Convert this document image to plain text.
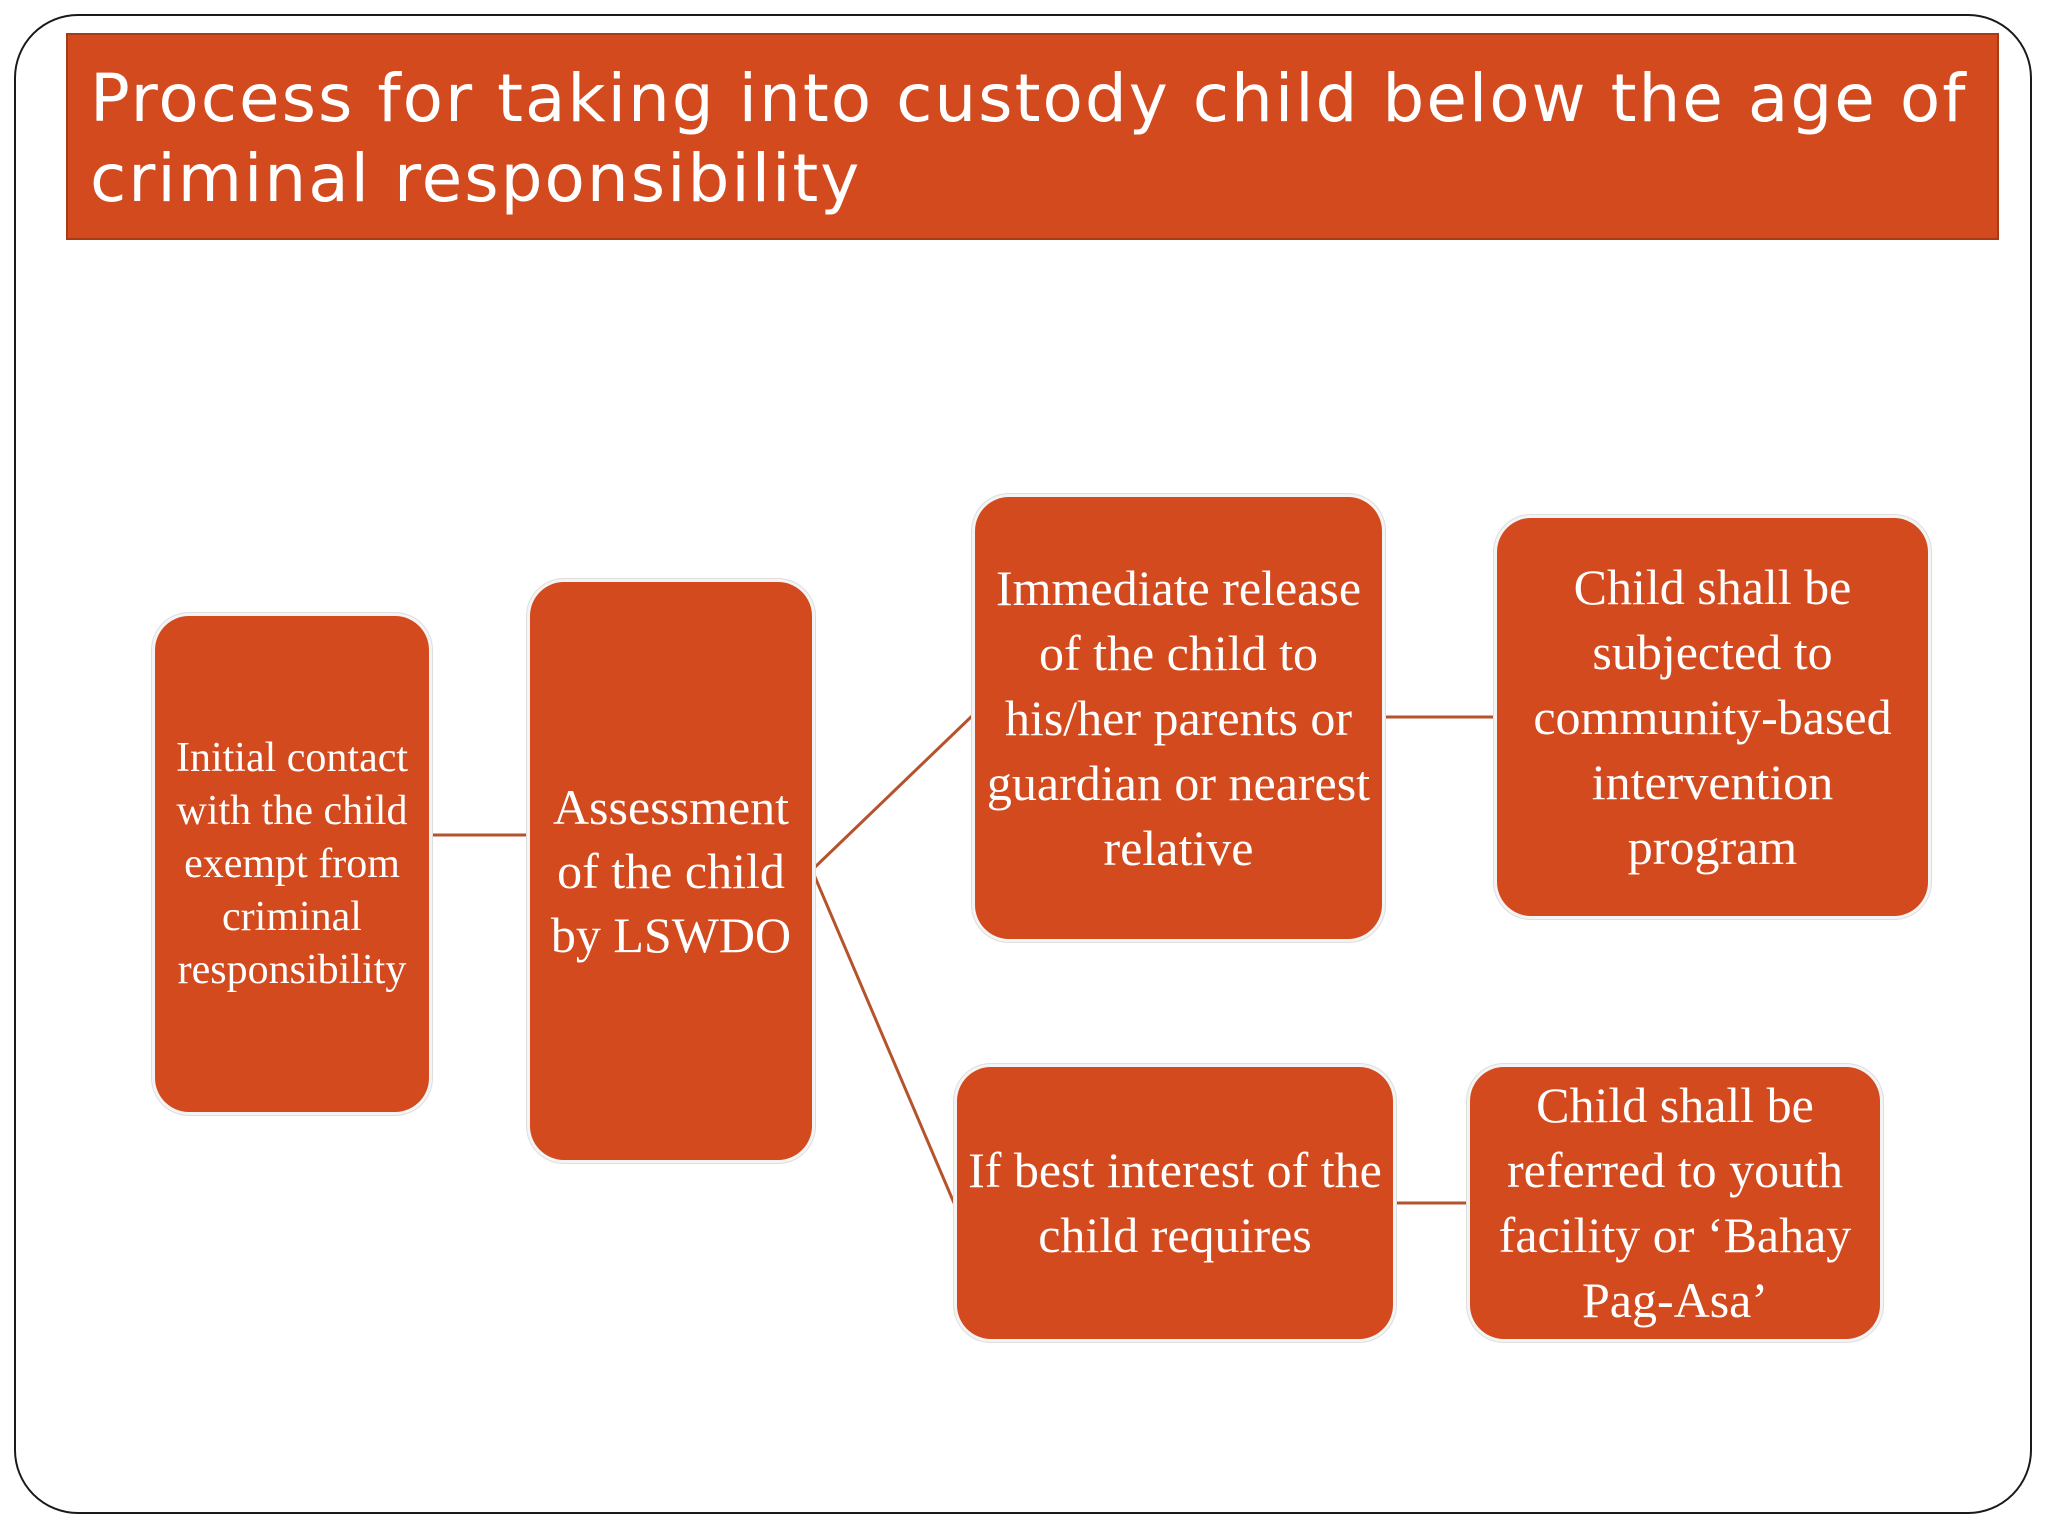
Process for taking into custody child below the age of criminal responsibility
Initial contact with the child exempt from criminal responsibility
Assessment of the child by LSWDO
Immediate release of the child to his/her parents or guardian or nearest relative
Child shall be subjected to community-based intervention program
If best interest of the child requires
Child shall be referred to youth facility or ‘Bahay Pag-Asa’
